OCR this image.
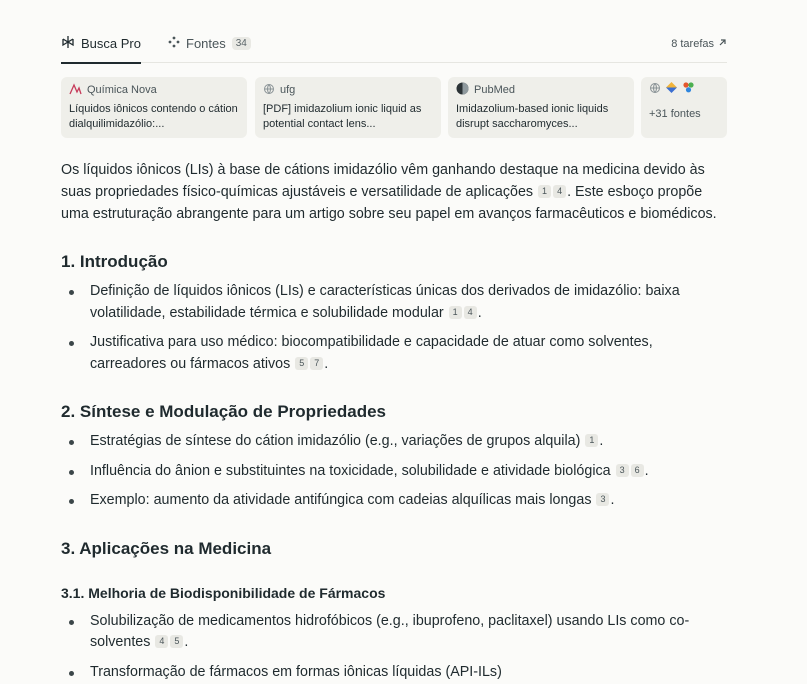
Busca Pro	Fontes	34	8 tarefas
Química Nova
Líquidos iônicos contendo o cátion dialquilimidazólio:...
ufg
[PDF] imidazolium ionic liquid as potential contact lens...
PubMed
Imidazolium-based ionic liquids disrupt saccharomyces...
+31 fontes

Os líquidos iônicos (LIs) à base de cátions imidazólio vêm ganhando destaque na medicina devido às suas propriedades físico-químicas ajustáveis e versatilidade de aplicações 1 4 . Este esboço propõe uma estruturação abrangente para um artigo sobre seu papel em avanços farmacêuticos e biomédicos.

1. Introdução
Definição de líquidos iônicos (LIs) e características únicas dos derivados de imidazólio: baixa volatilidade, estabilidade térmica e solubilidade modular 1 4 .
Justificativa para uso médico: biocompatibilidade e capacidade de atuar como solventes, carreadores ou fármacos ativos 5 7 .
2. Síntese e Modulação de Propriedades
Estratégias de síntese do cátion imidazólio (e.g., variações de grupos alquila) 1 .
Influência do ânion e substituintes na toxicidade, solubilidade e atividade biológica 3 6 .
Exemplo: aumento da atividade antifúngica com cadeias alquílicas mais longas 3 .
3. Aplicações na Medicina
3.1. Melhoria de Biodisponibilidade de Fármacos
Solubilização de medicamentos hidrofóbicos (e.g., ibuprofeno, paclitaxel) usando LIs como co-solventes 4 5 .
Transformação de fármacos em formas iônicas líquidas (API-ILs)
